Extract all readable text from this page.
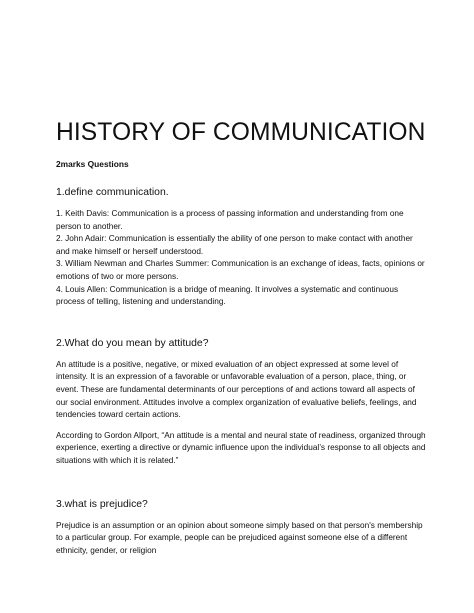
HISTORY OF COMMUNICATION
2marks Questions
1.define communication.
1. Keith Davis: Communication is a process of passing information and understanding from one person to another.
2. John Adair: Communication is essentially the ability of one person to make contact with another and make himself or herself understood.
3. William Newman and Charles Summer: Communication is an exchange of ideas, facts, opinions or emotions of two or more persons.
4. Louis Allen: Communication is a bridge of meaning. It involves a systematic and continuous process of telling, listening and understanding.
2.What do you mean by attitude?

An attitude is a positive, negative, or mixed evaluation of an object expressed at some level of intensity. It is an expression of a favorable or unfavorable evaluation of a person, place, thing, or event. These are fundamental determinants of our perceptions of and actions toward all aspects of our social environment. Attitudes involve a complex organization of evaluative beliefs, feelings, and tendencies toward certain actions.

According to Gordon Allport, “An attitude is a mental and neural state of readiness, organized through experience, exerting a directive or dynamic influence upon the individual’s response to all objects and situations with which it is related.”

3.what is prejudice?

Prejudice is an assumption or an opinion about someone simply based on that person's membership to a particular group. For example, people can be prejudiced against someone else of a different ethnicity, gender, or religion
